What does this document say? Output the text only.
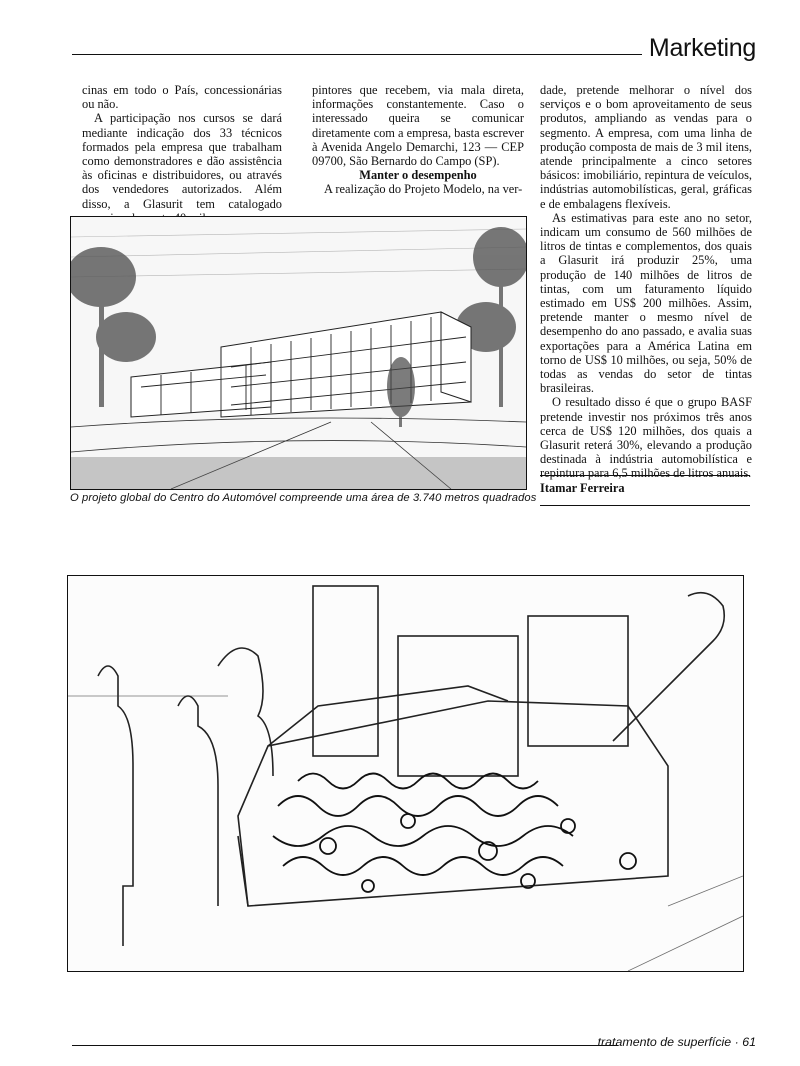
Marketing

cinas em todo o País, concessionárias ou não.

A participação nos cursos se dará mediante indicação dos 33 técnicos formados pela empresa que trabalham como demonstradores e dão assistência às oficinas e distribuidores, ou através dos vendedores autorizados. Além disso, a Glasurit tem catalogado

pintores que recebem, via mala direta, informações constantemente. Caso o interessado queira se comunicar diretamente com a empresa, basta escrever à Avenida Angelo Demarchi, 123 — CEP 09700, São Bernardo do Campo (SP).

Manter o desempenho

A realização do Projeto Modelo, na ver-

dade, pretende melhorar o nível dos serviços e o bom aproveitamento de seus produtos, ampliando as vendas para o segmento. A empresa, com uma linha de produção composta de mais de 3 mil itens, atende principalmente a cinco setores básicos: imobiliário, repintura de veículos, indústrias automobilísticas, geral, gráficas e de embalagens flexíveis.

As estimativas para este ano no setor, indicam um consumo de 560 milhões de litros de tintas e complementos, dos quais a Glasurit irá produzir 25%, uma produção de 140 milhões de litros de tintas, com um faturamento líquido estimado em US$ 200 milhões. Assim, pretende manter o mesmo nível de desempenho do ano passado, e avalia suas exportações para a América Latina em torno de US$ 10 milhões, ou seja, 50% de todas as vendas do setor de tintas brasileiras.

O resultado disso é que o grupo BASF pretende investir nos próximos três anos cerca de US$ 120 milhões, dos quais a Glasurit reterá 30%, elevando a produção destinada à indústria automobilística e repintura para 6,5 milhões de litros anuais.

Itamar Ferreira
O projeto global do Centro do Automóvel compreende uma área de 3.740 metros quadrados
tratamento de superfície · 61
